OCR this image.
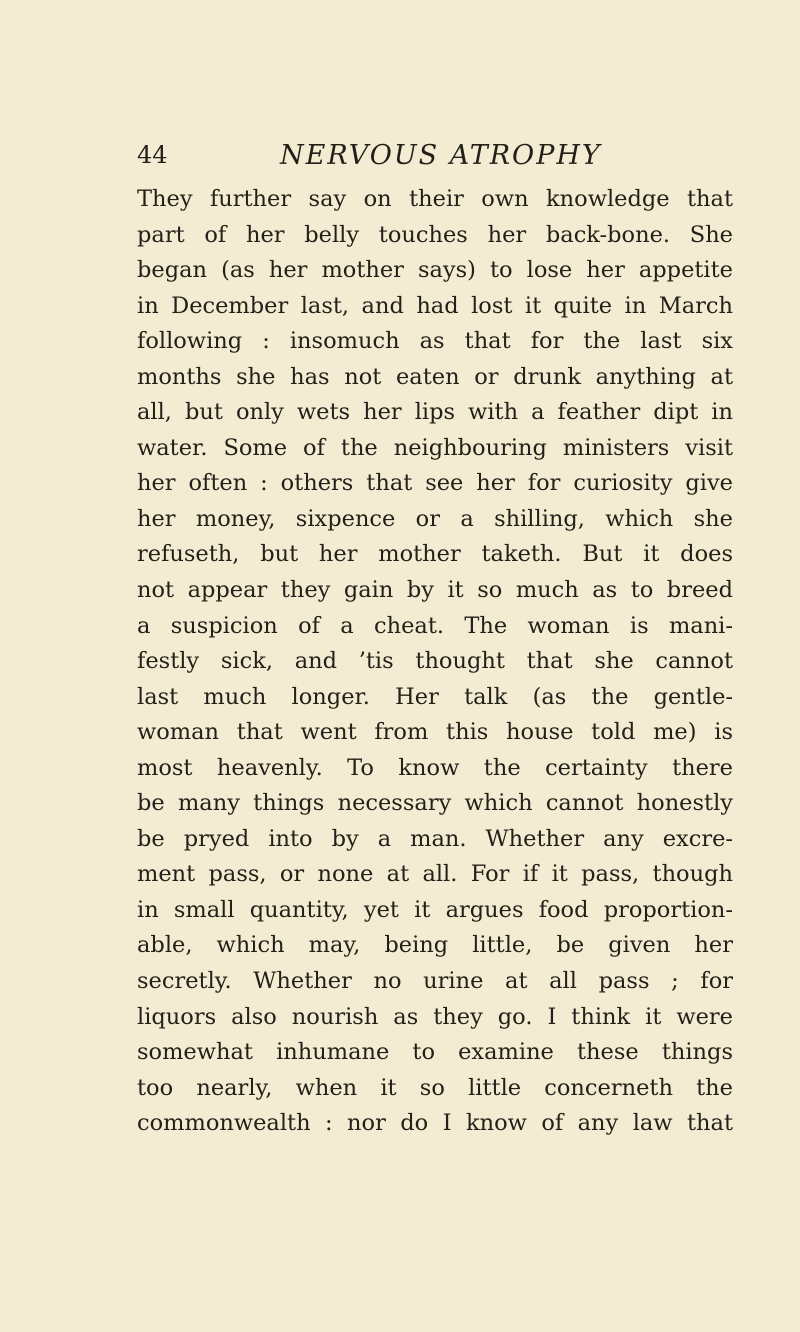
44	NERVOUS ATROPHY
They further say on their own knowledge that
part of her belly touches her back-bone. She
began (as her mother says) to lose her appetite
in December last, and had lost it quite in March
following : insomuch as that for the last six
months she has not eaten or drunk anything at
all, but only wets her lips with a feather dipt in
water. Some of the neighbouring ministers visit
her often : others that see her for curiosity give
her money, sixpence or a shilling, which she
refuseth, but her mother taketh. But it does
not appear they gain by it so much as to breed
a suspicion of a cheat. The woman is mani-
festly sick, and ’tis thought that she cannot
last much longer. Her talk (as the gentle-
woman that went from this house told me) is
most heavenly. To know the certainty there
be many things necessary which cannot honestly
be pryed into by a man. Whether any excre-
ment pass, or none at all. For if it pass, though
in small quantity, yet it argues food proportion-
able, which may, being little, be given her
secretly. Whether no urine at all pass ; for
liquors also nourish as they go. I think it were
somewhat inhumane to examine these things
too nearly, when it so little concerneth the
commonwealth : nor do I know of any law that
